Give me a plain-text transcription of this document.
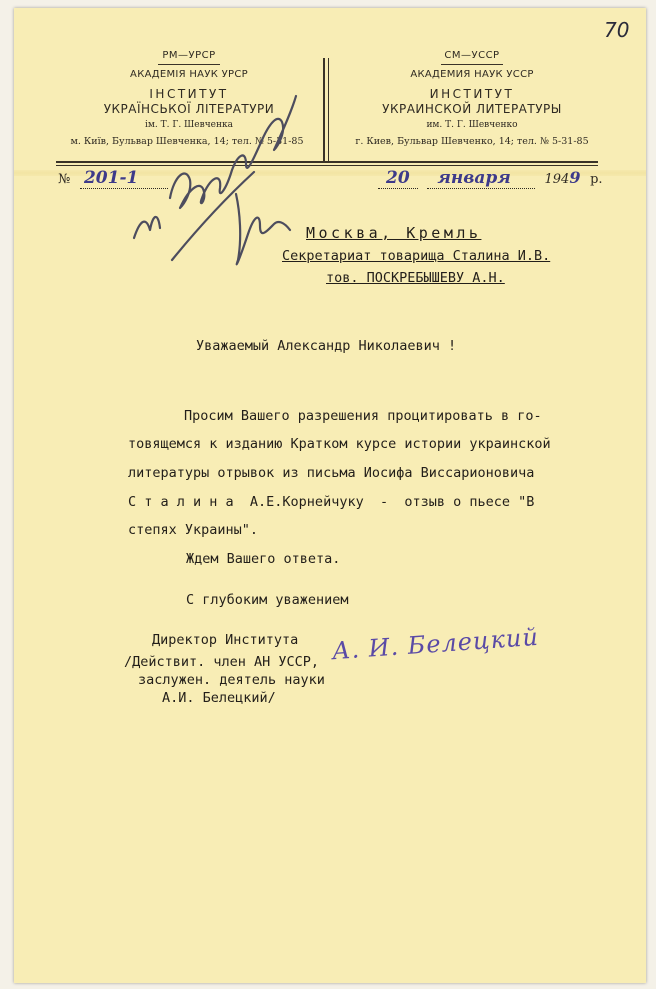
70
РМ—УРСР
АКАДЕМІЯ НАУК УРСР
ІНСТИТУТ
УКРАЇНСЬКОЇ ЛІТЕРАТУРИ
ім. Т. Г. Шевченка
м. Київ, Бульвар Шевченка, 14; тел. № 5-31-85
СМ—УССР
АКАДЕМИЯ НАУК УССР
ИНСТИТУТ
УКРАИНСКОЙ ЛИТЕРАТУРЫ
им. Т. Г. Шевченко
г. Киев, Бульвар Шевченко, 14; тел. № 5-31-85
№ 201-1	20 января	1949 р.
Москва, Кремль
Секретариат товарища Сталина И.В.
тов. ПОСКРЕБЫШЕВУ А.Н.
Уважаемый Александр Николаевич !
Просим Вашего разрешения процитировать в го-
товящемся к изданию Кратком курсе истории украинской
литературы отрывок из письма Иосифа Виссарионовича
С т а л и н а  А.Е.Корнейчуку  -  отзыв о пьесе "В
степях Украины".
Ждем Вашего ответа.
С глубоким уважением
Директор Института
/Действит. член АН УССР,
заслужен. деятель науки
А.И. Белецкий/
А. И. Белецкий
